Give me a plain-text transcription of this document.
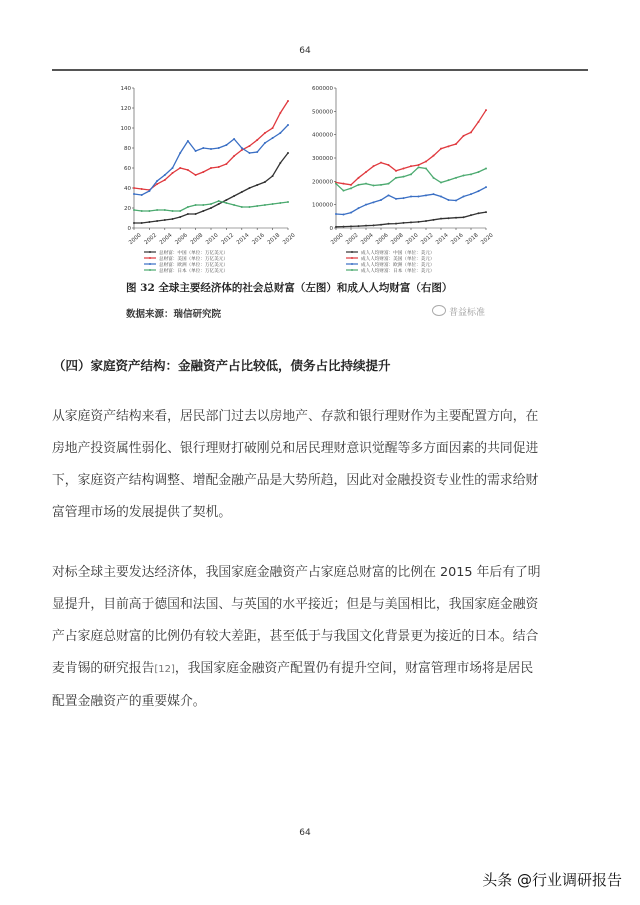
64
0
20
40
60
80
100
120
140
2000 2002 2004 2006 2008 2010 2012 2014 2016 2018 2020
总财富：中国（单位：万亿美元）
总财富：美国（单位：万亿美元）
总财富：欧洲（单位：万亿美元）
总财富：日本（单位：万亿美元）
0
100000
200000
300000
400000
500000
600000
2000 2002 2004 2006 2008 2010 2012 2014 2016 2018 2020
成人人均财富：中国（单位：美元）
成人人均财富：美国（单位：美元）
成人人均财富：欧洲（单位：美元）
成人人均财富：日本（单位：美元）
图 32 全球主要经济体的社会总财富（左图）和成人人均财富（右图）
数据来源：瑞信研究院	普益标准
（四）家庭资产结构：金融资产占比较低，债务占比持续提升
从家庭资产结构来看，居民部门过去以房地产、存款和银行理财作为主要配置方向，在
房地产投资属性弱化、银行理财打破刚兑和居民理财意识觉醒等多方面因素的共同促进
下，家庭资产结构调整、增配金融产品是大势所趋，因此对金融投资专业性的需求给财
富管理市场的发展提供了契机。
对标全球主要发达经济体，我国家庭金融资产占家庭总财富的比例在 2015 年后有了明
显提升，目前高于德国和法国、与英国的水平接近；但是与美国相比，我国家庭金融资
产占家庭总财富的比例仍有较大差距，甚至低于与我国文化背景更为接近的日本。结合
麦肯锡的研究报告[12]，我国家庭金融资产配置仍有提升空间，财富管理市场将是居民
配置金融资产的重要媒介。
64
头条 @行业调研报告
